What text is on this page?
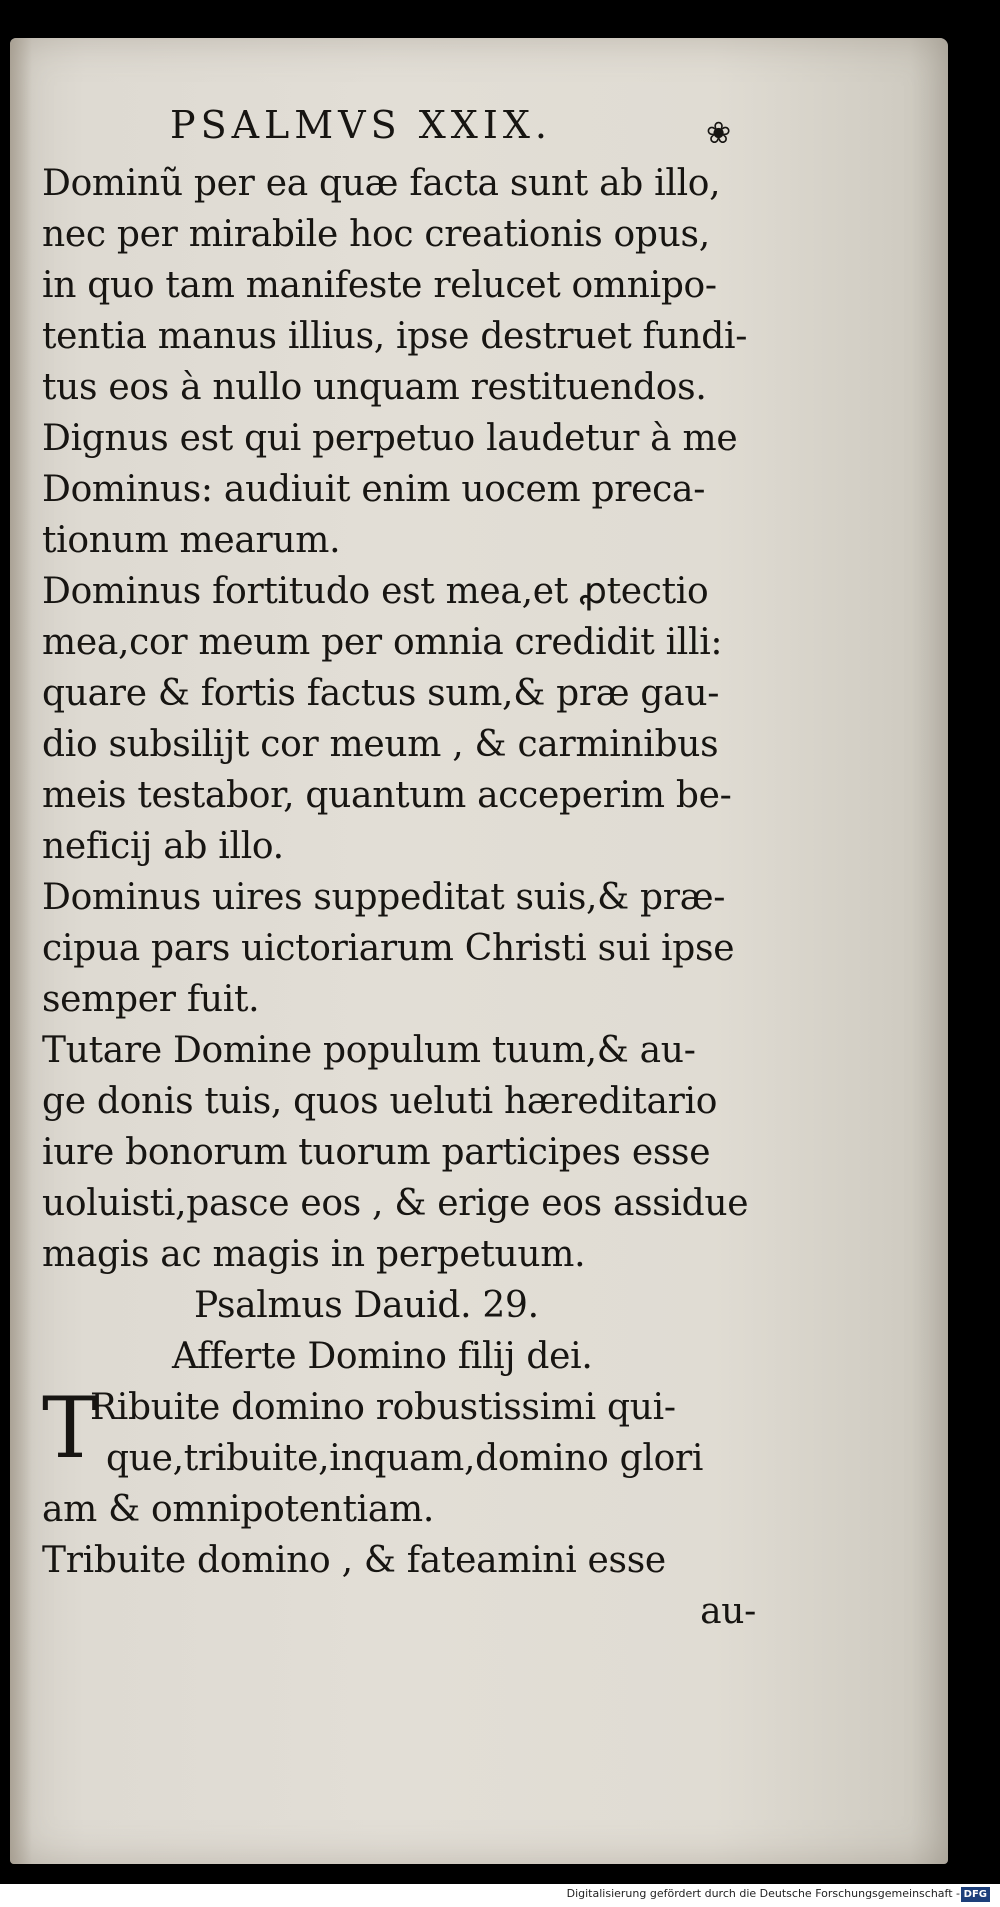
PSALMVS XXIX.	❀
Dominũ per ea quæ facta sunt ab illo,
nec per mirabile hoc creationis opus,
in quo tam manifeste relucet omnipo-
tentia manus illius, ipse destruet fundi-
tus eos à nullo unquam restituendos.
Dignus est qui perpetuo laudetur à me
Dominus: audiuit enim uocem preca-
tionum mearum.
Dominus fortitudo est mea,et ꝓtectio
mea,cor meum per omnia credidit illi:
quare & fortis factus sum,& præ gau-
dio subsilijt cor meum , & carminibus
meis testabor, quantum acceperim be-
neficij ab illo.
Dominus uires suppeditat suis,& præ-
cipua pars uictoriarum Christi sui ipse
semper fuit.
Tutare Domine populum tuum,& au-
ge donis tuis, quos ueluti hæreditario
iure bonorum tuorum participes esse
uoluisti,pasce eos , & erige eos assidue
magis ac magis in perpetuum.
Psalmus Dauid. 29.
Afferte Domino filij dei.
T
Ribuite domino robustissimi qui-
que,tribuite,inquam,domino glori
am & omnipotentiam.
Tribuite domino , & fateamini esse
au-
Digitalisierung gefördert durch die Deutsche Forschungsgemeinschaft - DFG
